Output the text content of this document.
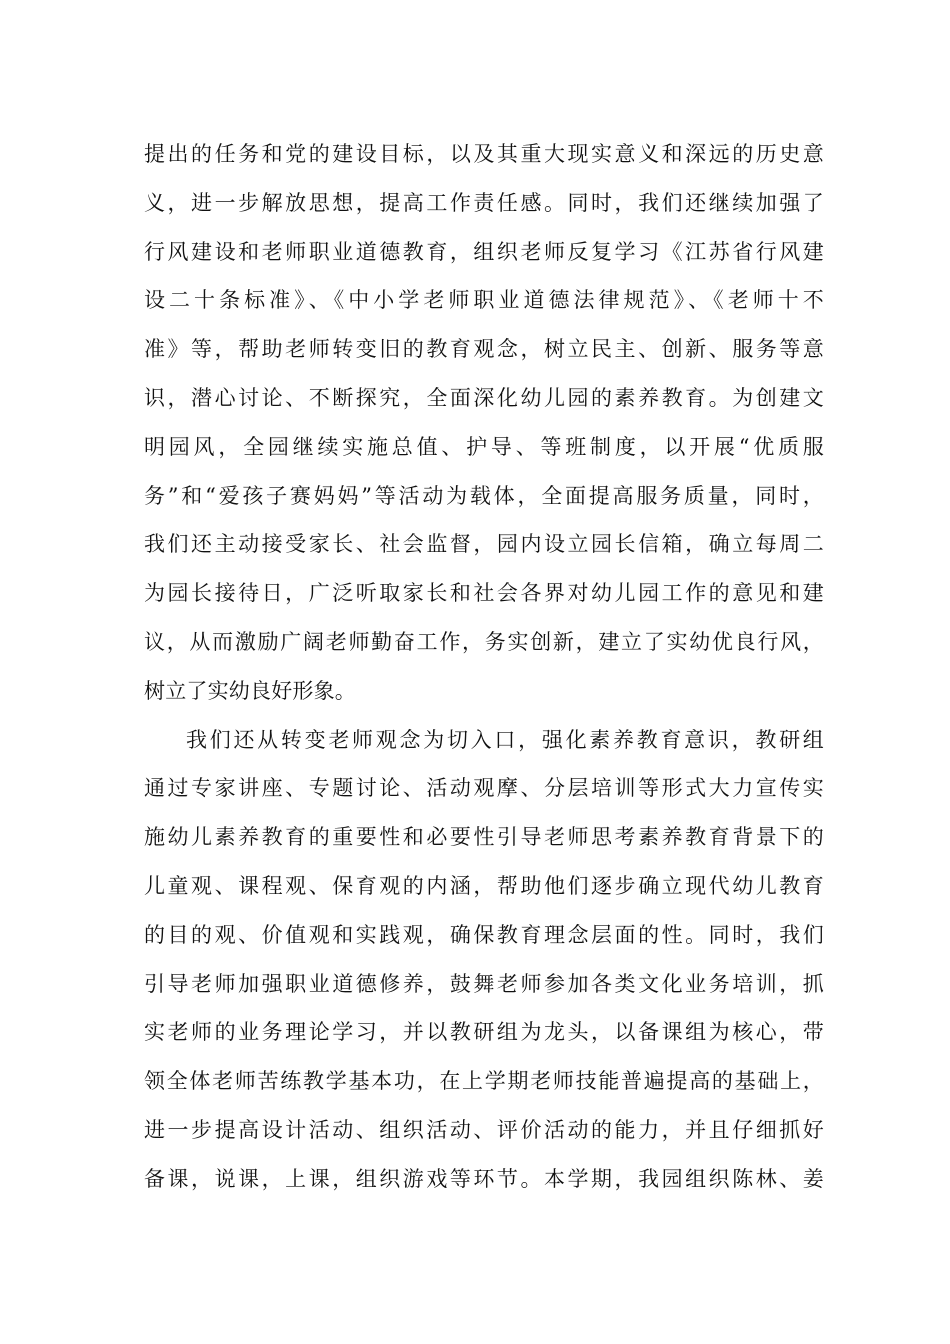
提出的任务和党的建设目标，以及其重大现实意义和深远的历史意
义，进一步解放思想，提高工作责任感。同时，我们还继续加强了
行风建设和老师职业道德教育，组织老师反复学习《江苏省行风建
设二十条标准》、《中小学老师职业道德法律规范》、《老师十不
准》等，帮助老师转变旧的教育观念，树立民主、创新、服务等意
识，潜心讨论、不断探究，全面深化幼儿园的素养教育。为创建文
明园风，全园继续实施总值、护导、等班制度，以开展“优质服
务”和“爱孩子赛妈妈”等活动为载体，全面提高服务质量，同时，
我们还主动接受家长、社会监督，园内设立园长信箱，确立每周二
为园长接待日，广泛听取家长和社会各界对幼儿园工作的意见和建
议，从而激励广阔老师勤奋工作，务实创新，建立了实幼优良行风，
树立了实幼良好形象。
我们还从转变老师观念为切入口，强化素养教育意识，教研组
通过专家讲座、专题讨论、活动观摩、分层培训等形式大力宣传实
施幼儿素养教育的重要性和必要性引导老师思考素养教育背景下的
儿童观、课程观、保育观的内涵，帮助他们逐步确立现代幼儿教育
的目的观、价值观和实践观，确保教育理念层面的性。同时，我们
引导老师加强职业道德修养，鼓舞老师参加各类文化业务培训，抓
实老师的业务理论学习，并以教研组为龙头，以备课组为核心，带
领全体老师苦练教学基本功，在上学期老师技能普遍提高的基础上，
进一步提高设计活动、组织活动、评价活动的能力，并且仔细抓好
备课，说课，上课，组织游戏等环节。本学期，我园组织陈林、姜
